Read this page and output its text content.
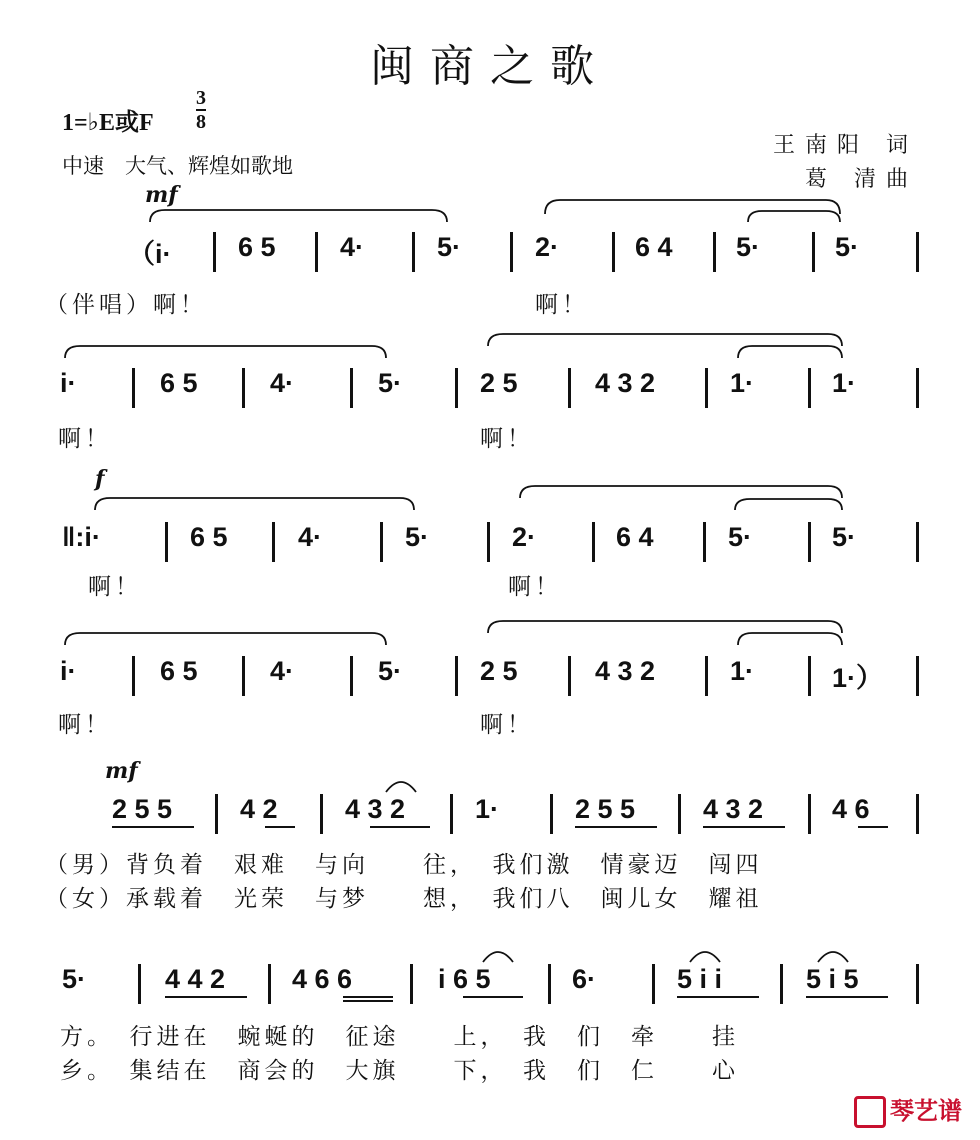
闽商之歌
1=♭E或F
3
8
中速　大气、辉煌如歌地
王南阳 词
葛 清曲
mf
f
mf
（i· 6 5 4·	5·	2·	6 4 5·	5·
（伴唱）啊！	啊！
i·	6 5	4·	5·	2 5	4 3 2	1·	1·
啊！	啊！
‖:i·	6 5	4·	5·	2·	6 4	5·	5·
啊！	啊！
i·	6 5	4·	5·	2 5	4 3 2	1·	1·）
啊！	啊！
2 5 5	4 2 4 3 2	1·	2 5 5	4 3 2	4 6
（男）背负着　艰难　与向　　往，　我们激　情豪迈　闯四
（女）承载着　光荣　与梦　　想，　我们八　闽儿女　耀祖
5·	4 4 2 4 6 6	i 6 5	6·	5 i i	5 i 5
方。　行进在　蜿蜒的　征途　　上，　我　们　牵　　挂
乡。　集结在　商会的　大旗　　下，　我　们　仁　　心
琴艺谱
